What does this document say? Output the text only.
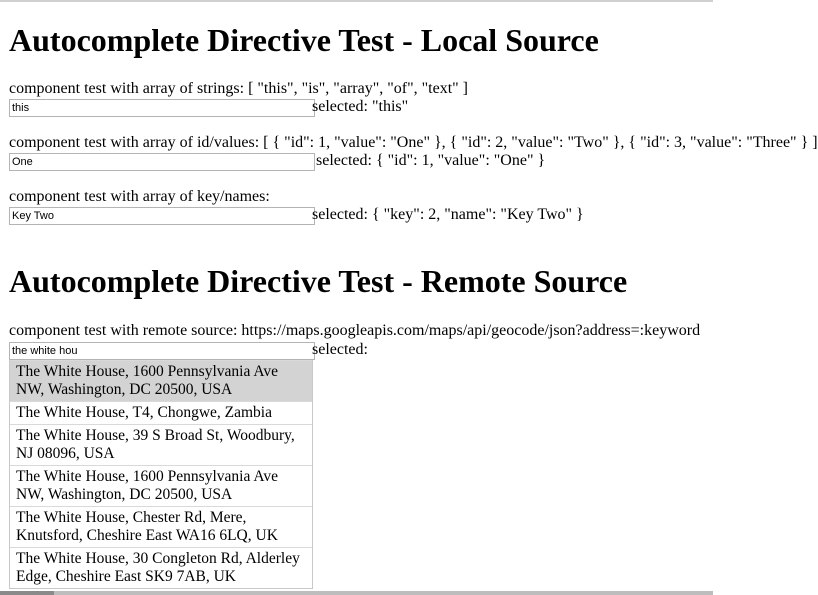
Autocomplete Directive Test - Local Source
component test with array of strings: [ "this", "is", "array", "of", "text" ]
this
selected: "this"
component test with array of id/values: [ { "id": 1, "value": "One" }, { "id": 2, "value": "Two" }, { "id": 3, "value": "Three" } ]
One
selected: { "id": 1, "value": "One" }
component test with array of key/names:
Key Two
selected: { "key": 2, "name": "Key Two" }
Autocomplete Directive Test - Remote Source
component test with remote source: https://maps.googleapis.com/maps/api/geocode/json?address=:keyword
the white hou
selected:
The White House, 1600 Pennsylvania Ave NW, Washington, DC 20500, USA
The White House, T4, Chongwe, Zambia
The White House, 39 S Broad St, Woodbury, NJ 08096, USA
The White House, 1600 Pennsylvania Ave NW, Washington, DC 20500, USA
The White House, Chester Rd, Mere, Knutsford, Cheshire East WA16 6LQ, UK
The White House, 30 Congleton Rd, Alderley Edge, Cheshire East SK9 7AB, UK
